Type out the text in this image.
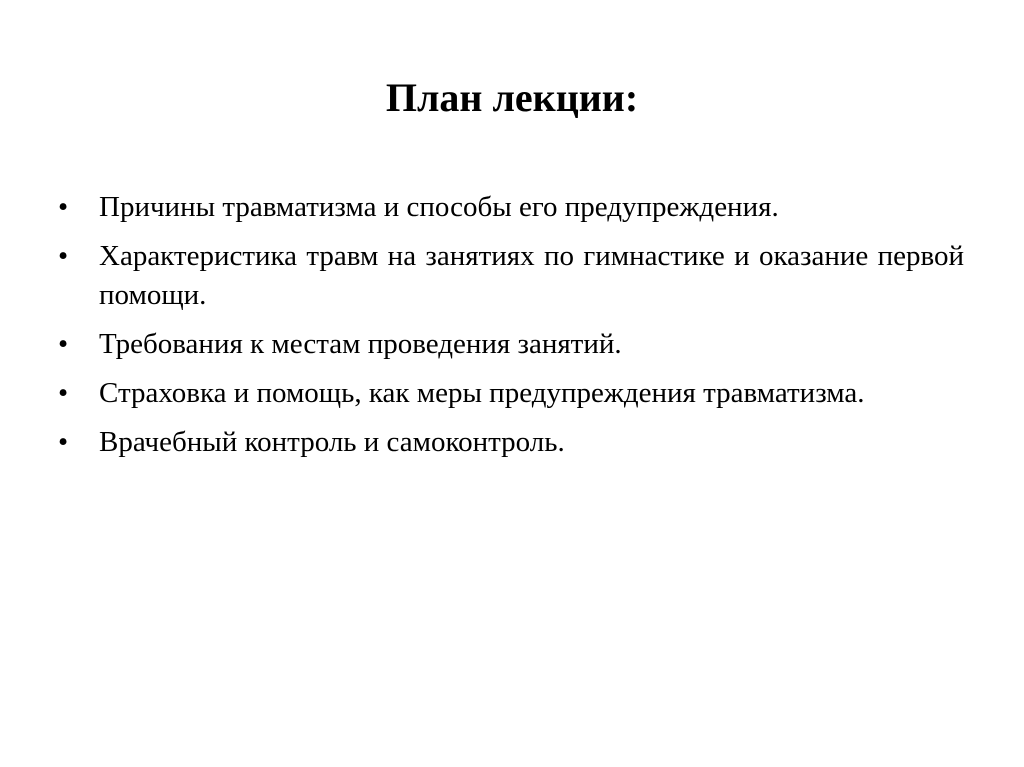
План лекции:
•	Причины травматизма и способы его предупреждения.
•	Характеристика травм на занятиях по гимнастике и оказание первой помощи.
•	Требования к местам проведения занятий.
•	Страховка и помощь, как меры предупреждения травматизма.
•	Врачебный контроль и самоконтроль.
